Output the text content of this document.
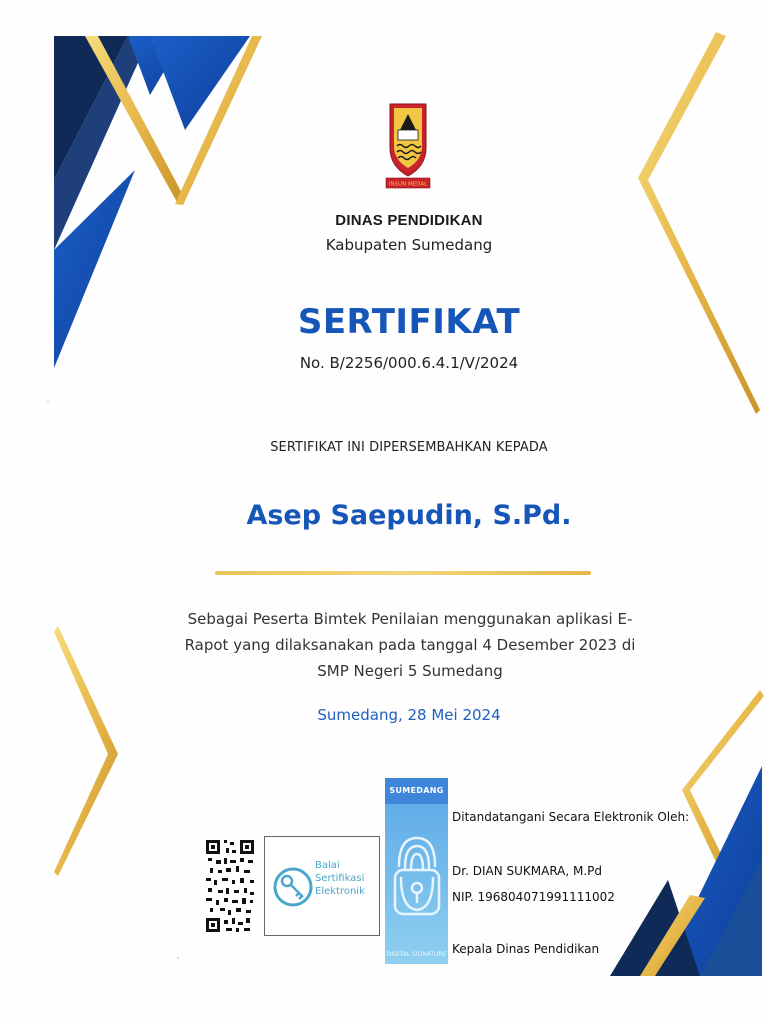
INSUN MEDAL
DINAS PENDIDIKAN
Kabupaten Sumedang
SERTIFIKAT
No. B/2256/000.6.4.1/V/2024
SERTIFIKAT INI DIPERSEMBAHKAN KEPADA
Asep Saepudin, S.Pd.
Sebagai Peserta Bimtek Penilaian menggunakan aplikasi E-Rapot yang dilaksanakan pada tanggal 4 Desember 2023 di SMP Negeri 5 Sumedang
Sumedang, 28 Mei 2024
Balai Sertifikasi Elektronik
SUMEDANG
DIGITAL SIGNATURE
Ditandatangani Secara Elektronik Oleh:
Dr. DIAN SUKMARA, M.Pd
NIP. 196804071991111002
Kepala Dinas Pendidikan
